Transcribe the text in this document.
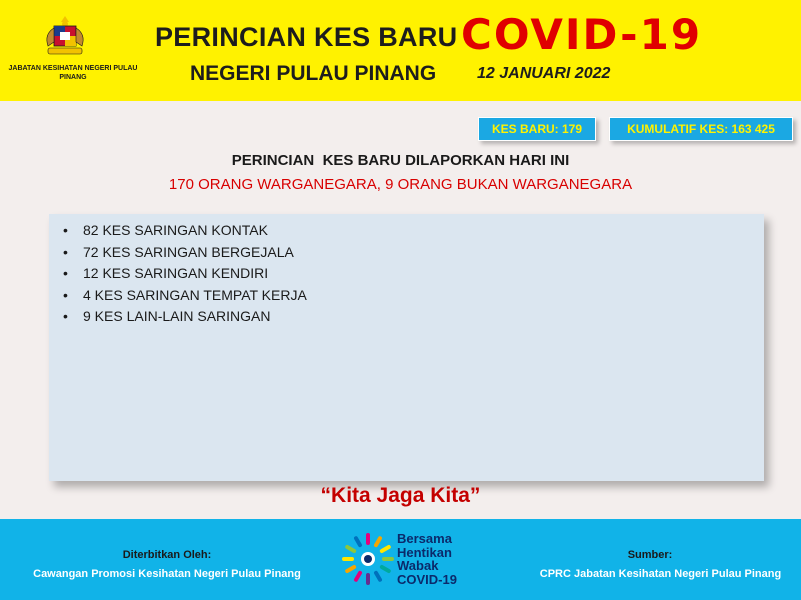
JABATAN KESIHATAN NEGERI PULAU PINANG
PERINCIAN KES BARU COVID-19
NEGERI PULAU PINANG	12 JANUARI 2022
KES BARU: 179	KUMULATIF KES: 163 425
PERINCIAN  KES BARU DILAPORKAN HARI INI
170 ORANG WARGANEGARA, 9 ORANG BUKAN WARGANEGARA
•	82 KES SARINGAN KONTAK
•	72 KES SARINGAN BERGEJALA
•	12 KES SARINGAN KENDIRI
•	4 KES SARINGAN TEMPAT KERJA
•	9 KES LAIN-LAIN SARINGAN
“Kita Jaga Kita”
Diterbitkan Oleh:
Cawangan Promosi Kesihatan Negeri Pulau Pinang
Bersama
Hentikan
Wabak
COVID-19
Sumber:
CPRC Jabatan Kesihatan Negeri Pulau Pinang
